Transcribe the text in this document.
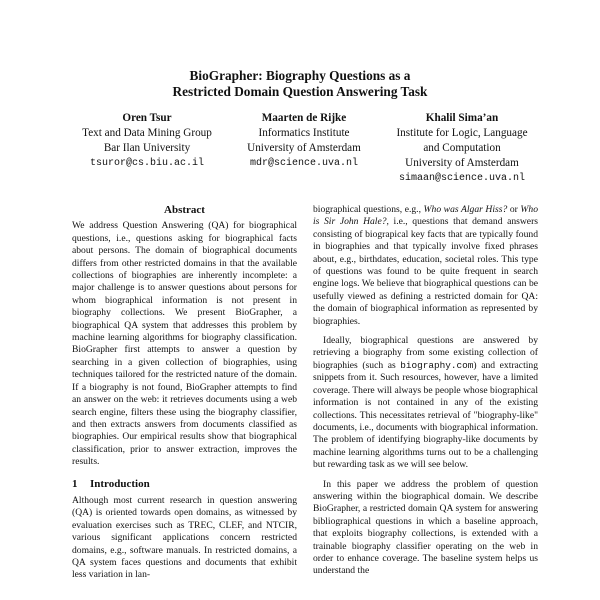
BioGrapher: Biography Questions as a
Restricted Domain Question Answering Task
Oren Tsur
Text and Data Mining Group
Bar Ilan University
tsuror@cs.biu.ac.il
Maarten de Rijke
Informatics Institute
University of Amsterdam
mdr@science.uva.nl
Khalil Sima’an
Institute for Logic, Language
and Computation
University of Amsterdam
simaan@science.uva.nl
Abstract

We address Question Answering (QA) for biographical questions, i.e., questions asking for biographical facts about persons. The domain of biographical documents differs from other restricted domains in that the available collections of biographies are inherently incomplete: a major challenge is to answer questions about persons for whom biographical information is not present in biography collections. We present BioGrapher, a biographical QA system that addresses this problem by machine learning algorithms for biography classification. BioGrapher first attempts to answer a question by searching in a given collection of biographies, using techniques tailored for the restricted nature of the domain. If a biography is not found, BioGrapher attempts to find an answer on the web: it retrieves documents using a web search engine, filters these using the biography classifier, and then extracts answers from documents classified as biographies. Our empirical results show that biographical classification, prior to answer extraction, improves the results.

1 Introduction

Although most current research in question answering (QA) is oriented towards open domains, as witnessed by evaluation exercises such as TREC, CLEF, and NTCIR, various significant applications concern restricted domains, e.g., software manuals. In restricted domains, a QA system faces questions and documents that exhibit less variation in lan-

biographical questions, e.g., Who was Algar Hiss? or Who is Sir John Hale?, i.e., questions that demand answers consisting of biograpical key facts that are typically found in biographies and that typically involve fixed phrases about, e.g., birthdates, education, societal roles. This type of questions was found to be quite frequent in search engine logs. We believe that biographical questions can be usefully viewed as defining a restricted domain for QA: the domain of biographical information as represented by biographies.

Ideally, biographical questions are answered by retrieving a biography from some existing collection of biographies (such as biography.com) and extracting snippets from it. Such resources, however, have a limited coverage. There will always be people whose biographical information is not contained in any of the existing collections. This necessitates retrieval of "biography-like" documents, i.e., documents with biographical information. The problem of identifying biography-like documents by machine learning algorithms turns out to be a challenging but rewarding task as we will see below.

In this paper we address the problem of question answering within the biographical domain. We describe BioGrapher, a restricted domain QA system for answering bibliographical questions in which a baseline approach, that exploits biography collections, is extended with a trainable biography classifier operating on the web in order to enhance coverage. The baseline system helps us understand the
